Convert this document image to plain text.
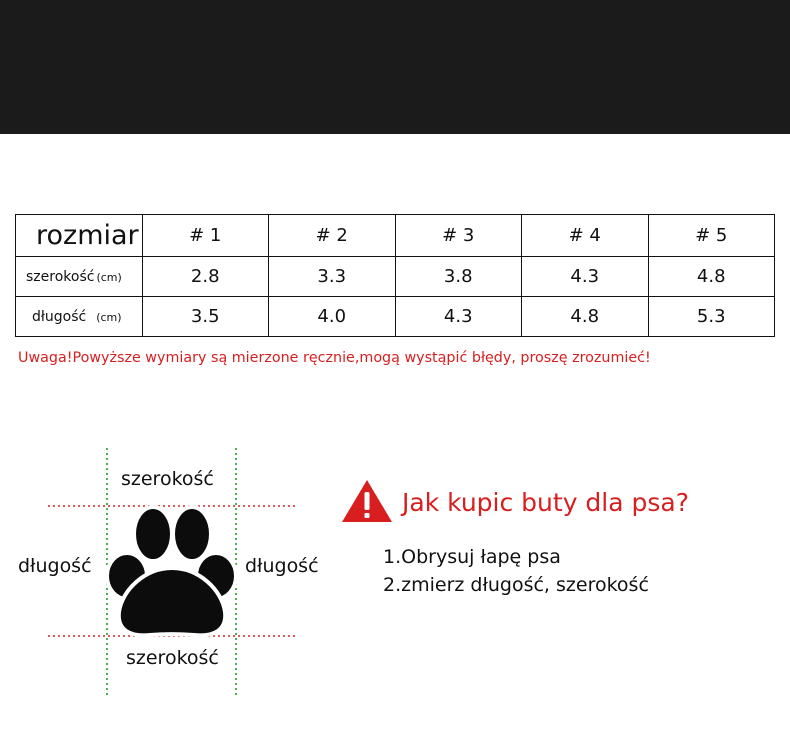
rozmiar	# 1	# 2	# 3	# 4	# 5
szerokość (cm)	2.8	3.3	3.8	4.3	4.8
długość (cm)	3.5	4.0	4.3	4.8	5.3
Uwaga!Powyższe wymiary są mierzone ręcznie,mogą wystąpić błędy, proszę zrozumieć!
szerokość
szerokość
długość	długość
Jak kupic buty dla psa?
1.Obrysuj łapę psa
2.zmierz długość, szerokość
